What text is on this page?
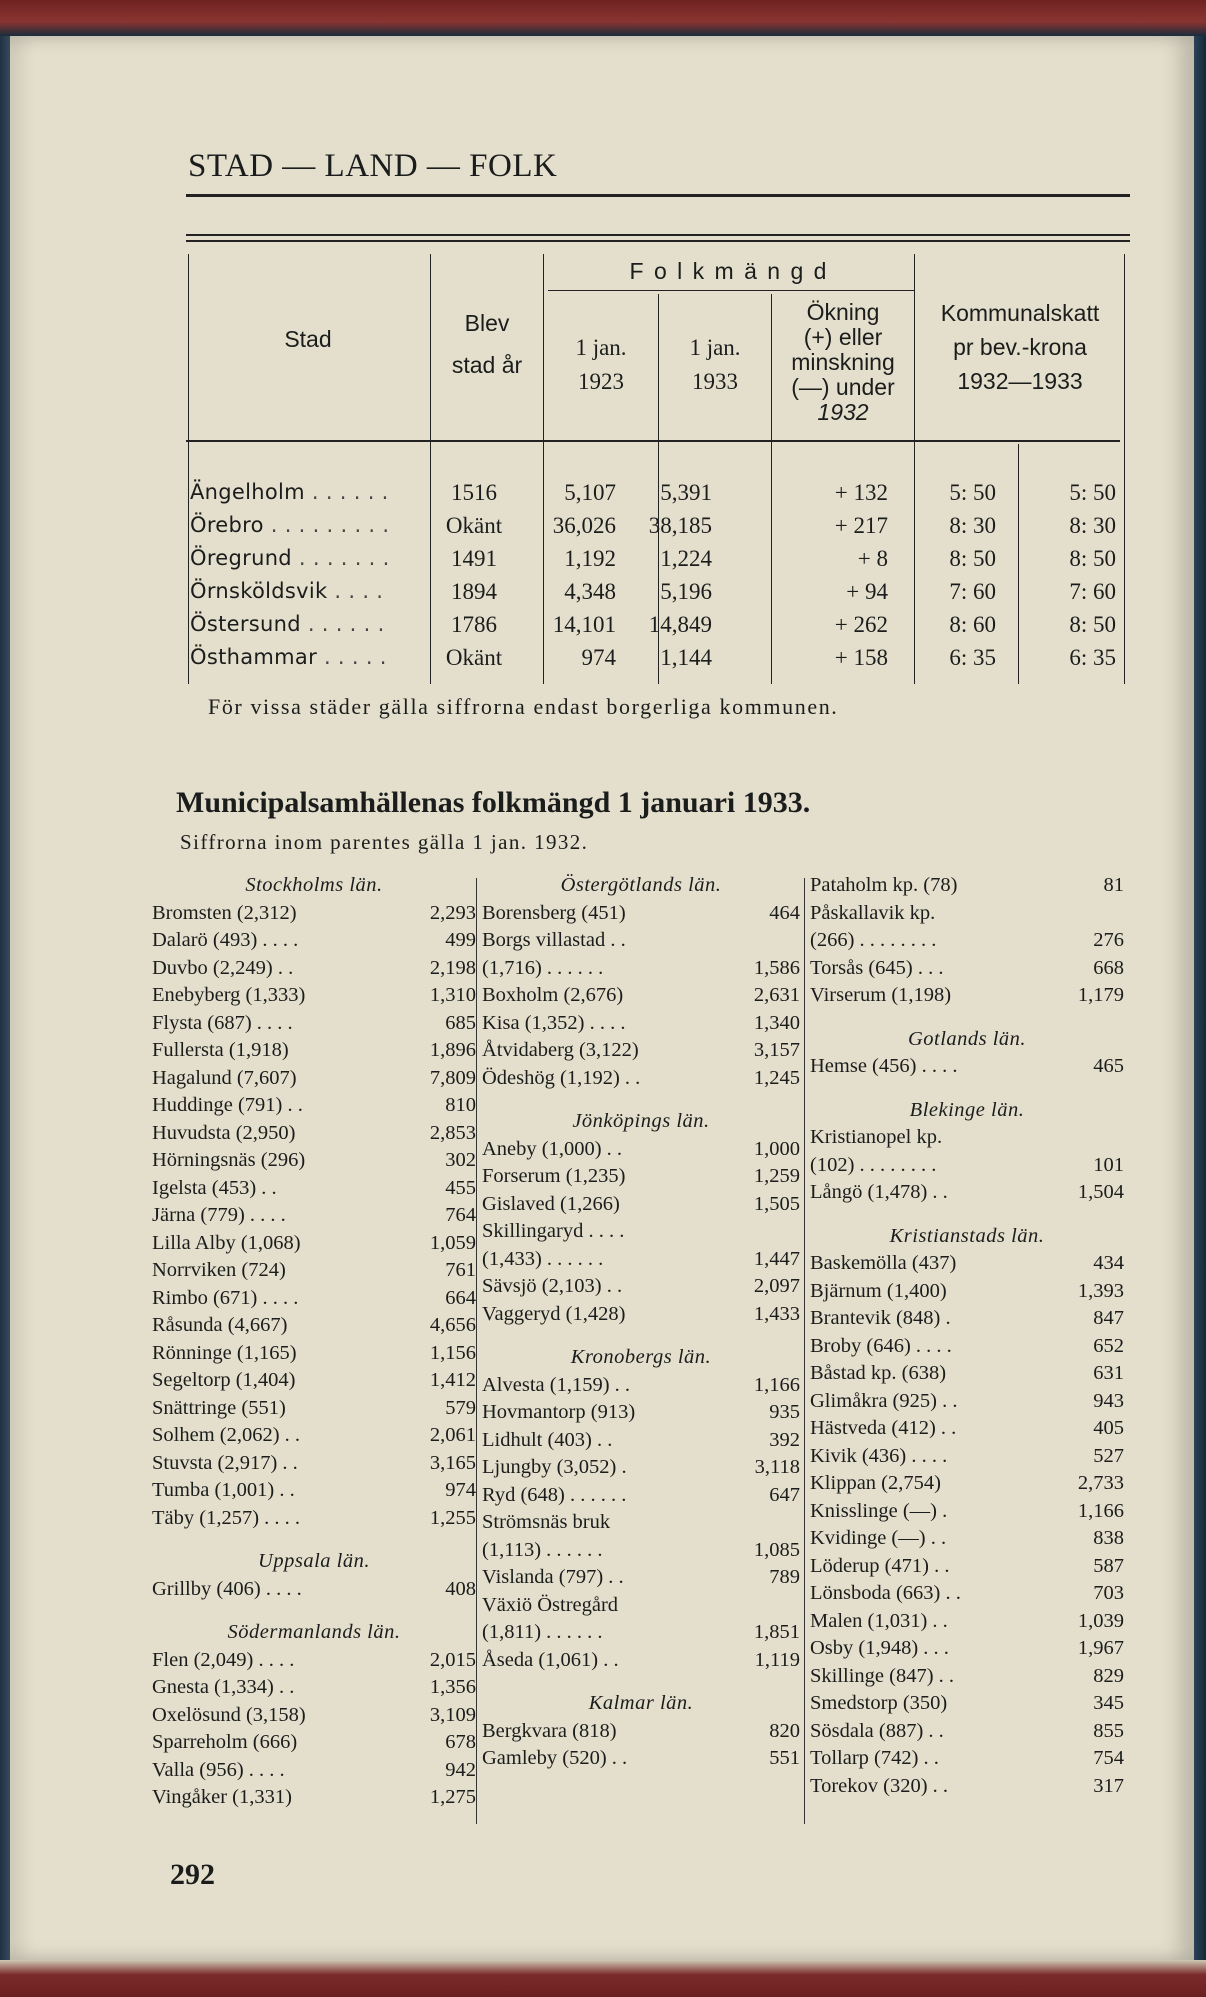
STAD — LAND — FOLK
Stad
Blev
stad år
F o l k m ä n g d
1 jan.
1923
1 jan.
1933
Ökning
(+) eller
minskning
(—) under
1932
Kommunalskatt
pr bev.-krona
1932—1933
Ängelholm . . . . . .	1516	5,107	5,391	+ 132	5: 50	5: 50
Örebro . . . . . . . . .	Okänt	36,026	38,185	+ 217	8: 30	8: 30
Öregrund . . . . . . .	1491	1,192	1,224	+ 8	8: 50	8: 50
Örnsköldsvik . . . .	1894	4,348	5,196	+ 94	7: 60	7: 60
Östersund . . . . . .	1786	14,101	14,849	+ 262	8: 60	8: 50
Östhammar . . . . .	Okänt	974	1,144	+ 158	6: 35	6: 35
För vissa städer gälla siffrorna endast borgerliga kommunen.
Municipalsamhällenas folkmängd 1 januari 1933.
Siffrorna inom parentes gälla 1 jan. 1932.
Stockholms län.
Bromsten (2,312)	2,293
Dalarö (493) . . . .	499
Duvbo (2,249) . .	2,198
Enebyberg (1,333)	1,310
Flysta (687) . . . .	685
Fullersta (1,918)	1,896
Hagalund (7,607)	7,809
Huddinge (791) . .	810
Huvudsta (2,950)	2,853
Hörningsnäs (296)	302
Igelsta (453) . .	455
Järna (779) . . . .	764
Lilla Alby (1,068)	1,059
Norrviken (724)	761
Rimbo (671) . . . .	664
Råsunda (4,667)	4,656
Rönninge (1,165)	1,156
Segeltorp (1,404)	1,412
Snättringe (551)	579
Solhem (2,062) . .	2,061
Stuvsta (2,917) . .	3,165
Tumba (1,001) . .	974
Täby (1,257) . . . .	1,255
Uppsala län.
Grillby (406) . . . .	408
Södermanlands län.
Flen (2,049) . . . .	2,015
Gnesta (1,334) . .	1,356
Oxelösund (3,158)	3,109
Sparreholm (666)	678
Valla (956) . . . .	942
Vingåker (1,331)	1,275
Östergötlands län.
Borensberg (451)	464
Borgs villastad . .
(1,716) . . . . . .	1,586
Boxholm (2,676)	2,631
Kisa (1,352) . . . .	1,340
Åtvidaberg (3,122)	3,157
Ödeshög (1,192) . .	1,245
Jönköpings län.
Aneby (1,000) . .	1,000
Forserum (1,235)	1,259
Gislaved (1,266)	1,505
Skillingaryd . . . .
(1,433) . . . . . .	1,447
Sävsjö (2,103) . .	2,097
Vaggeryd (1,428)	1,433
Kronobergs län.
Alvesta (1,159) . .	1,166
Hovmantorp (913)	935
Lidhult (403) . .	392
Ljungby (3,052) .	3,118
Ryd (648) . . . . . .	647
Strömsnäs bruk
(1,113) . . . . . .	1,085
Vislanda (797) . .	789
Växiö Östregård
(1,811) . . . . . .	1,851
Åseda (1,061) . .	1,119
Kalmar län.
Bergkvara (818)	820
Gamleby (520) . .	551
Pataholm kp. (78)	81
Påskallavik kp.
(266) . . . . . . . .	276
Torsås (645) . . .	668
Virserum (1,198)	1,179
Gotlands län.
Hemse (456) . . . .	465
Blekinge län.
Kristianopel kp.
(102) . . . . . . . .	101
Långö (1,478) . .	1,504
Kristianstads län.
Baskemölla (437)	434
Bjärnum (1,400)	1,393
Brantevik (848) .	847
Broby (646) . . . .	652
Båstad kp. (638)	631
Glimåkra (925) . .	943
Hästveda (412) . .	405
Kivik (436) . . . .	527
Klippan (2,754)	2,733
Knisslinge (—) .	1,166
Kvidinge (—) . .	838
Löderup (471) . .	587
Lönsboda (663) . .	703
Malen (1,031) . .	1,039
Osby (1,948) . . .	1,967
Skillinge (847) . .	829
Smedstorp (350)	345
Sösdala (887) . .	855
Tollarp (742) . .	754
Torekov (320) . .	317
292
